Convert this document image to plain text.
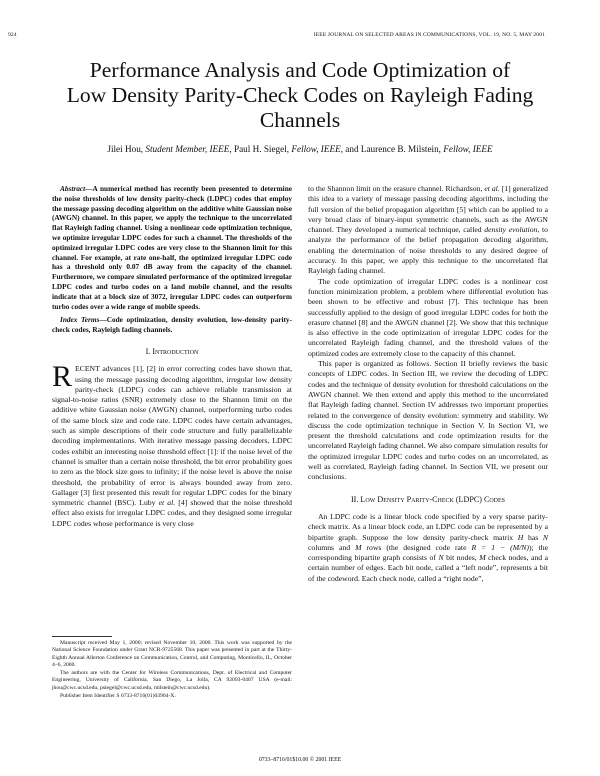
924	IEEE JOURNAL ON SELECTED AREAS IN COMMUNICATIONS, VOL. 19, NO. 5, MAY 2001
Performance Analysis and Code Optimization of
Low Density Parity-Check Codes on Rayleigh Fading
Channels
Jilei Hou, Student Member, IEEE, Paul H. Siegel, Fellow, IEEE, and Laurence B. Milstein, Fellow, IEEE

Abstract—A numerical method has recently been presented to determine the noise thresholds of low density parity-check (LDPC) codes that employ the message passing decoding algorithm on the additive white Gaussian noise (AWGN) channel. In this paper, we apply the technique to the uncorrelated flat Rayleigh fading channel. Using a nonlinear code optimization technique, we optimize irregular LDPC codes for such a channel. The thresholds of the optimized irregular LDPC codes are very close to the Shannon limit for this channel. For example, at rate one-half, the optimized irregular LDPC code has a threshold only 0.07 dB away from the capacity of the channel. Furthermore, we compare simulated performance of the optimized irregular LDPC codes and turbo codes on a land mobile channel, and the results indicate that at a block size of 3072, irregular LDPC codes can outperform turbo codes over a wide range of mobile speeds.

Index Terms—Code optimization, density evolution, low-density parity-check codes, Rayleigh fading channels.

I. Introduction

RECENT advances [1], [2] in error correcting codes have shown that, using the message passing decoding algorithm, irregular low density parity-check (LDPC) codes can achieve reliable transmission at signal-to-noise ratios (SNR) extremely close to the Shannon limit on the additive white Gaussian noise (AWGN) channel, outperforming turbo codes of the same block size and code rate. LDPC codes have certain advantages, such as simple descriptions of their code structure and fully parallelizable decoding implementations. With iterative message passing decoders, LDPC codes exhibit an interesting noise threshold effect [1]: if the noise level of the channel is smaller than a certain noise threshold, the bit error probability goes to zero as the block size goes to infinity; if the noise level is above the noise threshold, the probability of error is always bounded away from zero. Gallager [3] first presented this result for regular LDPC codes for the binary symmetric channel (BSC). Luby et al. [4] showed that the noise threshold effect also exists for irregular LDPC codes, and they designed some irregular LDPC codes whose performance is very close

Manuscript received May 1, 2000; revised November 10, 2000. This work was supported by the National Science Foundation under Grant NCR-9725568. This paper was presented in part at the Thirty-Eighth Annual Allerton Conference on Communication, Control, and Computing, Monticello, IL, October 4–6, 2000.

The authors are with the Center for Wireless Communications, Dept. of Electrical and Computer Engineering, University of California, San Diego, La Jolla, CA 92093-0407 USA (e-mail: jhou@cwc.ucsd.edu, psiegel@cwc.ucsd.edu, milstein@cwc.ucsd.edu).

Publisher Item Identifier S 0733-8716(01)03904-X.

to the Shannon limit on the erasure channel. Richardson, et al. [1] generalized this idea to a variety of message passing decoding algorithms, including the full version of the belief propagation algorithm [5] which can be applied to a very broad class of binary-input symmetric channels, such as the AWGN channel. They developed a numerical technique, called density evolution, to analyze the performance of the belief propagation decoding algorithm, enabling the determination of noise thresholds to any desired degree of accuracy. In this paper, we apply this technique to the uncorrelated flat Rayleigh fading channel.

The code optimization of irregular LDPC codes is a nonlinear cost function minimization problem, a problem where differential evolution has been shown to be effective and robust [7]. This technique has been successfully applied to the design of good irregular LDPC codes for both the erasure channel [8] and the AWGN channel [2]. We show that this technique is also effective in the code optimization of irregular LDPC codes for the uncorrelated Rayleigh fading channel, and the threshold values of the optimized codes are extremely close to the capacity of this channel.

This paper is organized as follows. Section II briefly reviews the basic concepts of LDPC codes. In Section III, we review the decoding of LDPC codes and the technique of density evolution for threshold calculations on the AWGN channel. We then extend and apply this method to the uncorrelated flat Rayleigh fading channel. Section IV addresses two important properties related to the convergence of density evolution: symmetry and stability. We discuss the code optimization technique in Section V. In Section VI, we present the threshold calculations and code optimization results for the uncorrelated Rayleigh fading channel. We also compare simulation results for the optimized irregular LDPC codes and turbo codes on an uncorrelated, as well as correlated, Rayleigh fading channel. In Section VII, we present our conclusions.

II. Low Density Parity-Check (LDPC) Codes

An LDPC code is a linear block code specified by a very sparse parity-check matrix. As a linear block code, an LDPC code can be represented by a bipartite graph. Suppose the low density parity-check matrix H has N columns and M rows (the designed code rate R = 1 − (M/N)); the corresponding bipartite graph consists of N bit nodes, M check nodes, and a certain number of edges. Each bit node, called a “left node”, represents a bit of the codeword. Each check node, called a “right node”,

0733–8716/01$10.00 © 2001 IEEE
